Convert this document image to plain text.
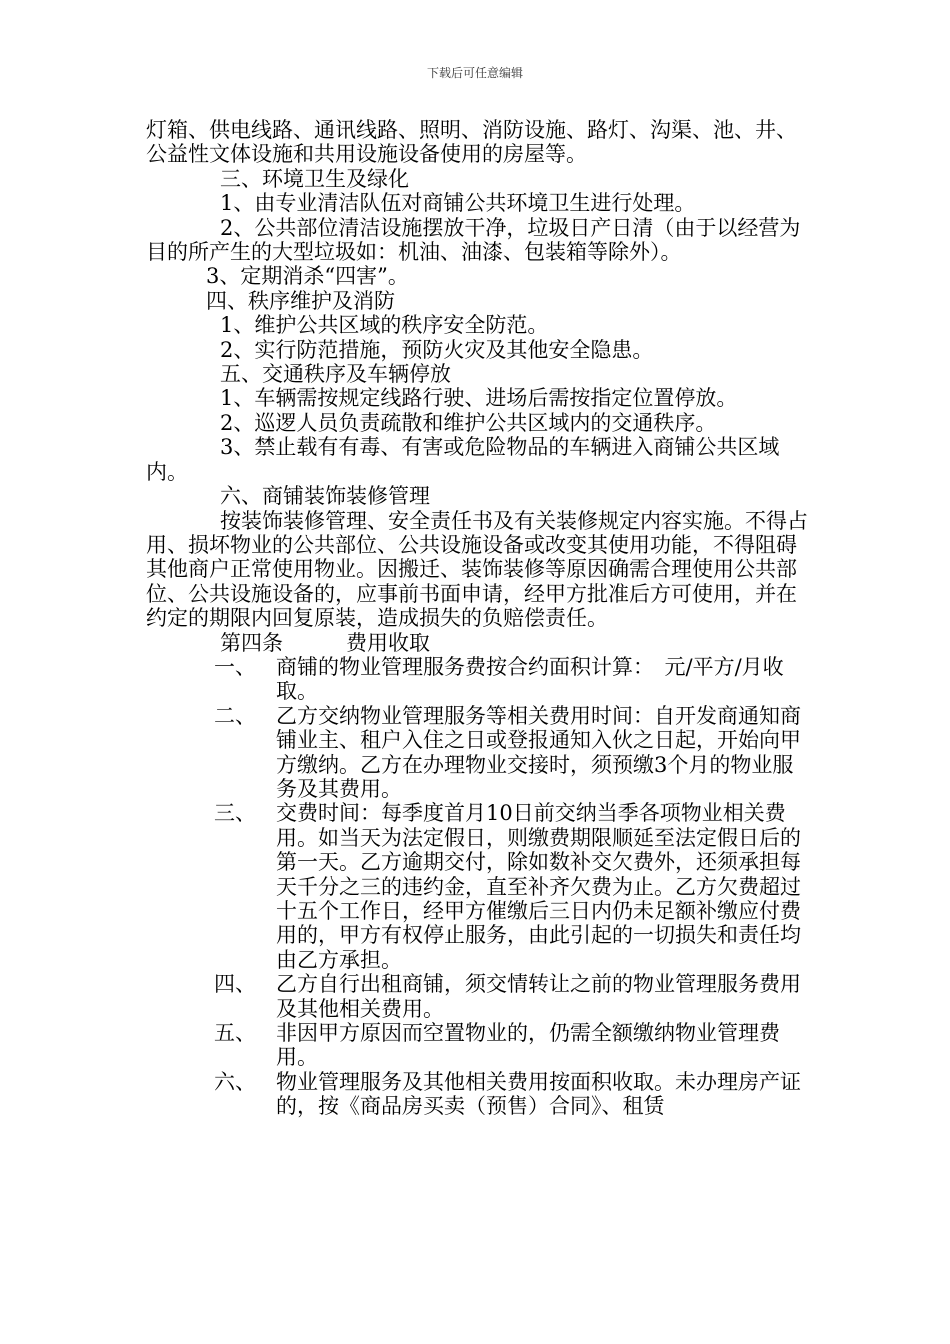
下载后可任意编辑
灯箱、供电线路、通讯线路、照明、消防设施、路灯、沟渠、池、井、公益性文体设施和共用设施设备使用的房屋等。
三、环境卫生及绿化
1、由专业清洁队伍对商铺公共环境卫生进行处理。
2、公共部位清洁设施摆放干净，垃圾日产日清（由于以经营为目的所产生的大型垃圾如：机油、油漆、包装箱等除外）。
3、定期消杀“四害”。
四、秩序维护及消防
1、维护公共区域的秩序安全防范。
2、实行防范措施，预防火灾及其他安全隐患。
五、交通秩序及车辆停放
1、车辆需按规定线路行驶、进场后需按指定位置停放。
2、巡逻人员负责疏散和维护公共区域内的交通秩序。
3、禁止载有有毒、有害或危险物品的车辆进入商铺公共区域内。
六、商铺装饰装修管理
按装饰装修管理、安全责任书及有关装修规定内容实施。不得占用、损坏物业的公共部位、公共设施设备或改变其使用功能，不得阻碍其他商户正常使用物业。因搬迁、装饰装修等原因确需合理使用公共部位、公共设施设备的，应事前书面申请，经甲方批准后方可使用，并在约定的期限内回复原装，造成损失的负赔偿责任。
第四条　　　费用收取
一、 商铺的物业管理服务费按合约面积计算：　元/平方/月收取。
二、 乙方交纳物业管理服务等相关费用时间：自开发商通知商铺业主、租户入住之日或登报通知入伙之日起，开始向甲方缴纳。乙方在办理物业交接时，须预缴3个月的物业服务及其费用。
三、 交费时间：每季度首月10日前交纳当季各项物业相关费用。如当天为法定假日，则缴费期限顺延至法定假日后的第一天。乙方逾期交付，除如数补交欠费外，还须承担每天千分之三的违约金，直至补齐欠费为止。乙方欠费超过十五个工作日，经甲方催缴后三日内仍未足额补缴应付费用的，甲方有权停止服务，由此引起的一切损失和责任均由乙方承担。
四、 乙方自行出租商铺，须交情转让之前的物业管理服务费用及其他相关费用。
五、 非因甲方原因而空置物业的，仍需全额缴纳物业管理费用。
六、 物业管理服务及其他相关费用按面积收取。未办理房产证的，按《商品房买卖（预售）合同》、租赁
